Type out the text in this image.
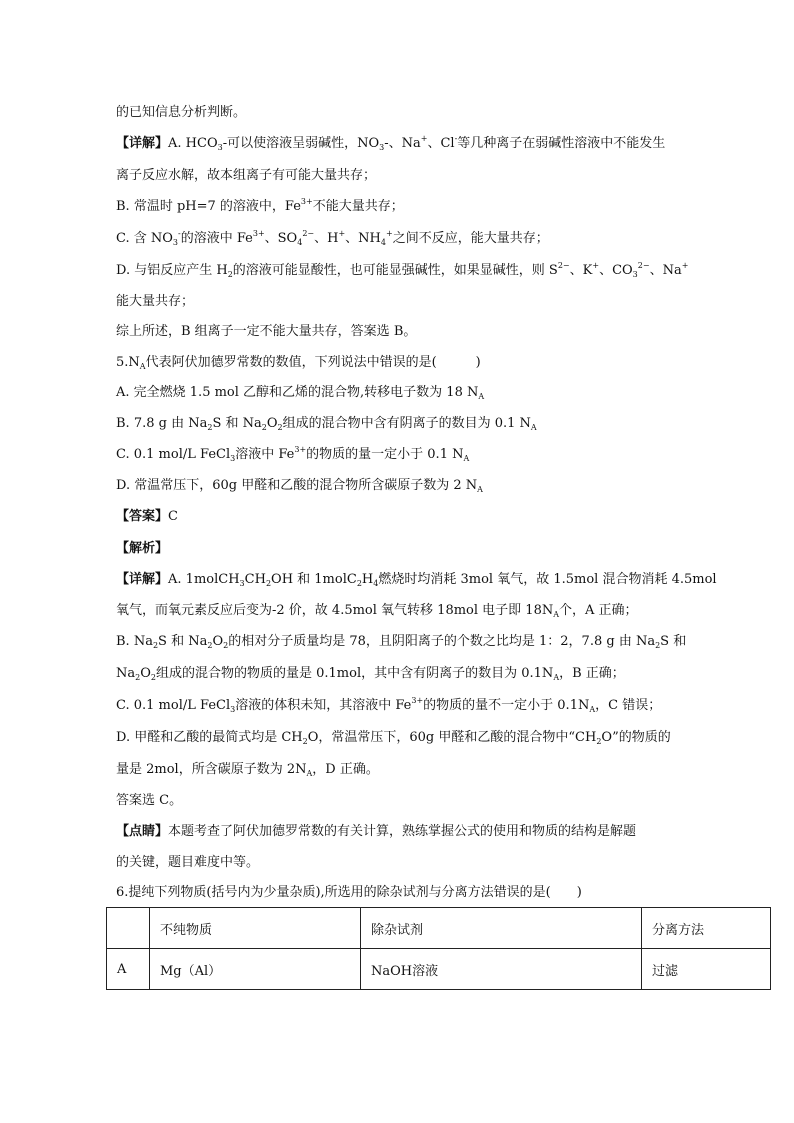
的已知信息分析判断。
【详解】A. $HCO_3-$可以使溶液呈弱碱性，$NO_3-$、Na+、Cl-等几种离子在弱碱性溶液中不能发生
离子反应水解，故本组离子有可能大量共存；
B. 常温时 pH=7 的溶液中，$Fe^{3+}$不能大量共存；
C. 含 $NO_3^-$的溶液中 $Fe^{3+}$、$SO_4^{2-}$、H+、$NH_4^+$之间不反应，能大量共存；
D. 与铝反应产生 $H_2$的溶液可能显酸性，也可能显强碱性，如果显碱性，则 $S^{2-}$、K+、$CO_3^{2-}$、Na+
能大量共存；
综上所述，B 组离子一定不能大量共存，答案选 B。
$5.N_A$代表阿伏加德罗常数的数值，下列说法中错误的是(　　　)
A. 完全燃烧 1.5 mol 乙醇和乙烯的混合物,转移电子数为 18 $N_A$
B. 7.8 g 由 $Na_2S$ 和 $Na_2O_2$组成的混合物中含有阴离子的数目为 0.1 $N_A$
C. 0.1 mol/L FeCl$_3$溶液中 $Fe^{3+}$的物质的量一定小于 0.1 $N_A$
D. 常温常压下，60g 甲醛和乙酸的混合物所含碳原子数为 2 $N_A$
【答案】C
【解析】
【详解】A. $1molCH_3CH_2OH$ 和 $1molC_2H_4$燃烧时均消耗 3mol 氧气，故 1.5mol 混合物消耗 4.5mol
氧气，而氧元素反应后变为-2 价，故 4.5mol 氧气转移 18mol 电子即 $18N_A$个，A 正确；
B. $Na_2S$ 和 $Na_2O_2$的相对分子质量均是 78，且阴阳离子的个数之比均是 1：2，7.8 g 由 $Na_2S$ 和
$Na_2O_2$组成的混合物的物质的量是 0.1mol，其中含有阴离子的数目为 $0.1N_A$，B 正确；
C. 0.1 mol/L FeCl$_3$溶液的体积未知，其溶液中 $Fe^{3+}$的物质的量不一定小于 $0.1N_A$，C 错误；
D. 甲醛和乙酸的最简式均是 $CH_2O$，常温常压下，60g 甲醛和乙酸的混合物中“$CH_2O$”的物质的
量是 2mol，所含碳原子数为 $2N_A$，D 正确。
答案选 C。
【点睛】本题考查了阿伏加德罗常数的有关计算，熟练掌握公式的使用和物质的结构是解题
的关键，题目难度中等。
6.提纯下列物质(括号内为少量杂质),所选用的除杂试剂与分离方法错误的是(　　)
	不纯物质	除杂试剂	分离方法
A	Mg（Al）	NaOH溶液	过滤
